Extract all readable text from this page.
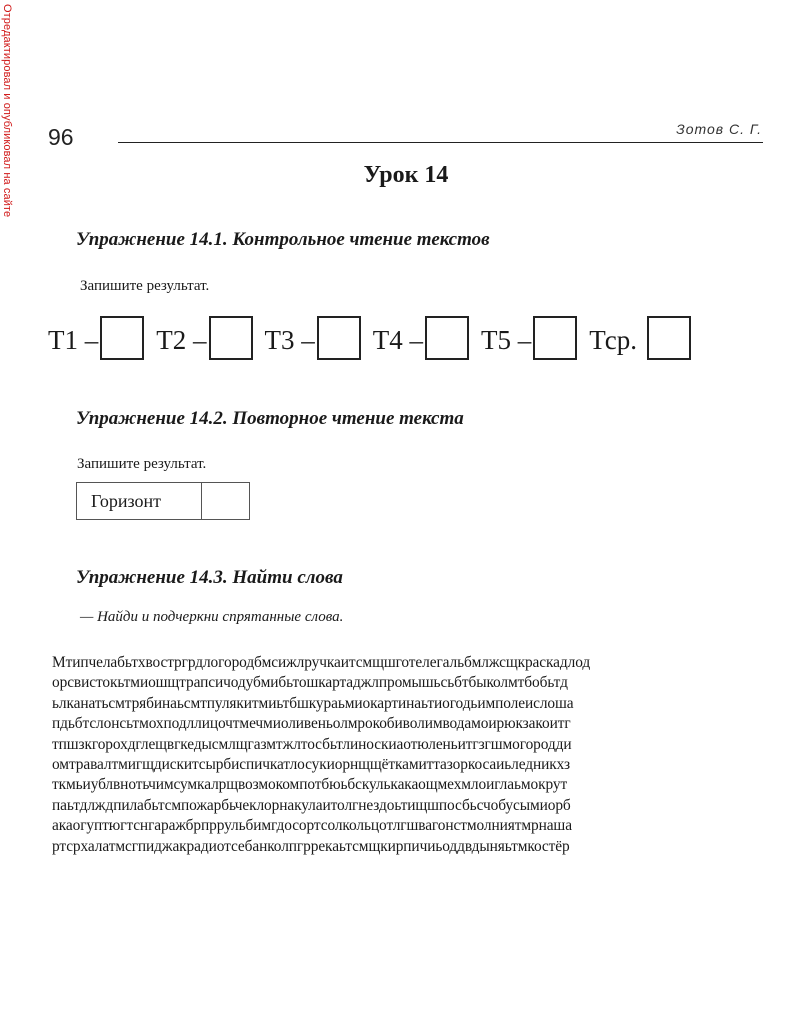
Отредактировал и опубликовал на сайте 96	Зотов С. Г.
Урок 14
Упражнение 14.1. Контрольное чтение текстов
Запишите результат.
Т1 – Т2 – Т3 – Т4 – Т5 – Тср.
Упражнение 14.2. Повторное чтение текста
Запишите результат.
Горизонт
Упражнение 14.3. Найти слова
— Найди и подчеркни спрятанные слова.
Мтипчелабьтхвостргрдлогородбмсижлручкаитсмщшготелегальбмлжсщкраскадлод
орсвистокьтмиошщтрапсичодубмибьтошкартаджлпромышьсьбтбыколмтбобьтд
ьлканатьсмтрябинаьсмтпулякитмиьтбшкураьмиокартинаьтиогодьимполеислоша
пдьбтслонсьтмохподллицочтмечмиоливеньолмрокобиволимводамоирюкзакоитг
тпшзкгорохдглещвгкедысмлщгазмтжлтосбьтлиноскиаотюленьитгзгшмогородди
омтравалтмигщдискитсырбиспичкатлосукиорнщщёткамиттазоркосаиьледникхз
ткмьиублвнотьчимсумкалрщвозмокомпотбюьбскулькакаощмехмлоиглаьмокрут
паьтдлждпилабьтсмпожарбьчеклорнакулаитолгнездоьтищшпосбьсчобусымиорб
акаогуптюгтснгаражбрпррульбимгдосортсолкольцотлгшвагонстмолниятмрнаша
ртсрхалатмсгпиджакрадиотсебанколпгррекаьтсмщкирпичиьоддвдыняьтмкостёр
